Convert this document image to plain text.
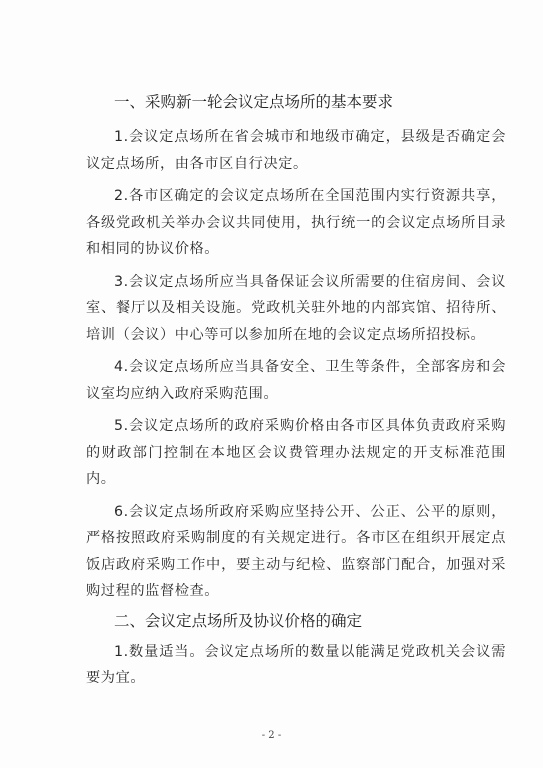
一、采购新一轮会议定点场所的基本要求

1.会议定点场所在省会城市和地级市确定，县级是否确定会议定点场所，由各市区自行决定。

2.各市区确定的会议定点场所在全国范围内实行资源共享，各级党政机关举办会议共同使用，执行统一的会议定点场所目录和相同的协议价格。

3.会议定点场所应当具备保证会议所需要的住宿房间、会议室、餐厅以及相关设施。党政机关驻外地的内部宾馆、招待所、培训（会议）中心等可以参加所在地的会议定点场所招投标。

4.会议定点场所应当具备安全、卫生等条件，全部客房和会议室均应纳入政府采购范围。

5.会议定点场所的政府采购价格由各市区具体负责政府采购的财政部门控制在本地区会议费管理办法规定的开支标准范围内。

6.会议定点场所政府采购应坚持公开、公正、公平的原则，严格按照政府采购制度的有关规定进行。各市区在组织开展定点饭店政府采购工作中，要主动与纪检、监察部门配合，加强对采购过程的监督检查。

二、会议定点场所及协议价格的确定

1.数量适当。会议定点场所的数量以能满足党政机关会议需要为宜。

- 2 -
